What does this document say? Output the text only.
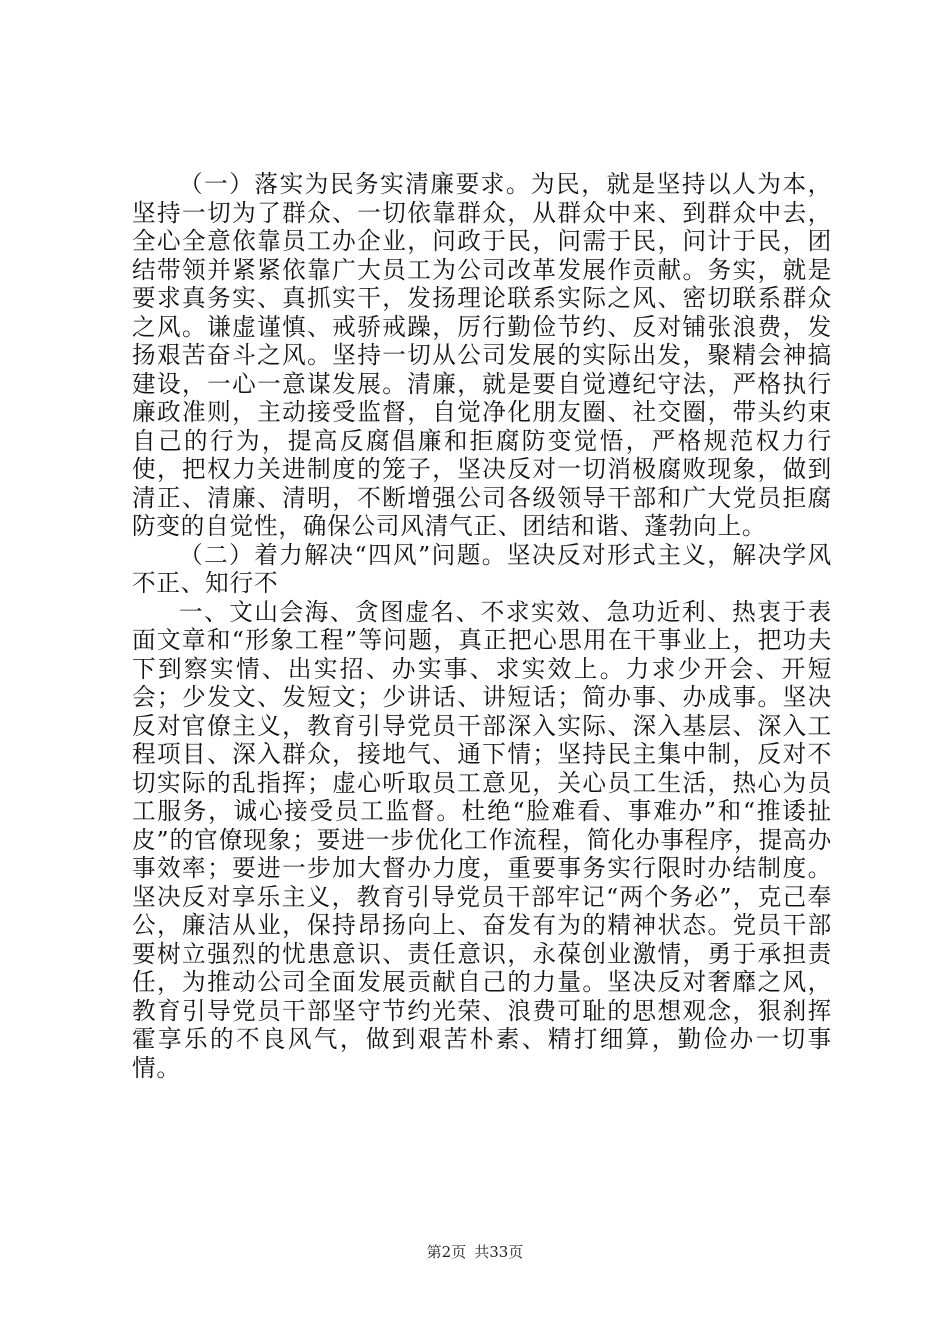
（一）落实为民务实清廉要求。为民，就是坚持以人为本，坚持一切为了群众、一切依靠群众，从群众中来、到群众中去，全心全意依靠员工办企业，问政于民，问需于民，问计于民，团结带领并紧紧依靠广大员工为公司改革发展作贡献。务实，就是要求真务实、真抓实干，发扬理论联系实际之风、密切联系群众之风。谦虚谨慎、戒骄戒躁，厉行勤俭节约、反对铺张浪费，发扬艰苦奋斗之风。坚持一切从公司发展的实际出发，聚精会神搞建设，一心一意谋发展。清廉，就是要自觉遵纪守法，严格执行廉政准则，主动接受监督，自觉净化朋友圈、社交圈，带头约束自己的行为，提高反腐倡廉和拒腐防变觉悟，严格规范权力行使，把权力关进制度的笼子，坚决反对一切消极腐败现象，做到清正、清廉、清明，不断增强公司各级领导干部和广大党员拒腐防变的自觉性，确保公司风清气正、团结和谐、蓬勃向上。

（二）着力解决“四风”问题。坚决反对形式主义，解决学风不正、知行不

一、文山会海、贪图虚名、不求实效、急功近利、热衷于表面文章和“形象工程”等问题，真正把心思用在干事业上，把功夫下到察实情、出实招、办实事、求实效上。力求少开会、开短会；少发文、发短文；少讲话、讲短话；简办事、办成事。坚决反对官僚主义，教育引导党员干部深入实际、深入基层、深入工程项目、深入群众，接地气、通下情；坚持民主集中制，反对不切实际的乱指挥；虚心听取员工意见，关心员工生活，热心为员工服务，诚心接受员工监督。杜绝“脸难看、事难办”和“推诿扯皮”的官僚现象；要进一步优化工作流程，简化办事程序，提高办事效率；要进一步加大督办力度，重要事务实行限时办结制度。坚决反对享乐主义，教育引导党员干部牢记“两个务必”，克己奉公，廉洁从业，保持昂扬向上、奋发有为的精神状态。党员干部要树立强烈的忧患意识、责任意识，永葆创业激情，勇于承担责任，为推动公司全面发展贡献自己的力量。坚决反对奢靡之风，教育引导党员干部坚守节约光荣、浪费可耻的思想观念，狠刹挥霍享乐的不良风气，做到艰苦朴素、精打细算，勤俭办一切事情。

第2页 共33页
